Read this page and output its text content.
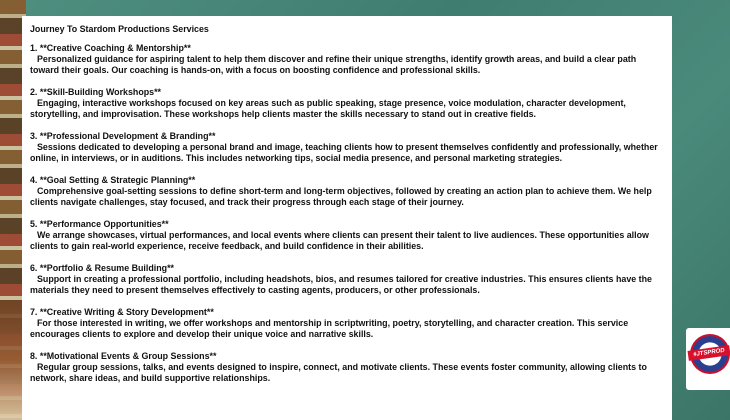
Journey To Stardom Productions Services
1. **Creative Coaching & Mentorship**
Personalized guidance for aspiring talent to help them discover and refine their unique strengths, identify growth areas, and build a clear path toward their goals. Our coaching is hands-on, with a focus on boosting confidence and professional skills.
2. **Skill-Building Workshops**
Engaging, interactive workshops focused on key areas such as public speaking, stage presence, voice modulation, character development, storytelling, and improvisation. These workshops help clients master the skills necessary to stand out in creative fields.
3. **Professional Development & Branding**
Sessions dedicated to developing a personal brand and image, teaching clients how to present themselves confidently and professionally, whether online, in interviews, or in auditions. This includes networking tips, social media presence, and personal marketing strategies.
4. **Goal Setting & Strategic Planning**
Comprehensive goal-setting sessions to define short-term and long-term objectives, followed by creating an action plan to achieve them. We help clients navigate challenges, stay focused, and track their progress through each stage of their journey.
5. **Performance Opportunities**
We arrange showcases, virtual performances, and local events where clients can present their talent to live audiences. These opportunities allow clients to gain real-world experience, receive feedback, and build confidence in their abilities.
6. **Portfolio & Resume Building**
Support in creating a professional portfolio, including headshots, bios, and resumes tailored for creative industries. This ensures clients have the materials they need to present themselves effectively to casting agents, producers, or other professionals.
7. **Creative Writing & Story Development**
For those interested in writing, we offer workshops and mentorship in scriptwriting, poetry, storytelling, and character creation. This service encourages clients to explore and develop their unique voice and narrative skills.
8. **Motivational Events & Group Sessions**
Regular group sessions, talks, and events designed to inspire, connect, and motivate clients. These events foster community, allowing clients to network, share ideas, and build supportive relationships.
#JTSPROD
